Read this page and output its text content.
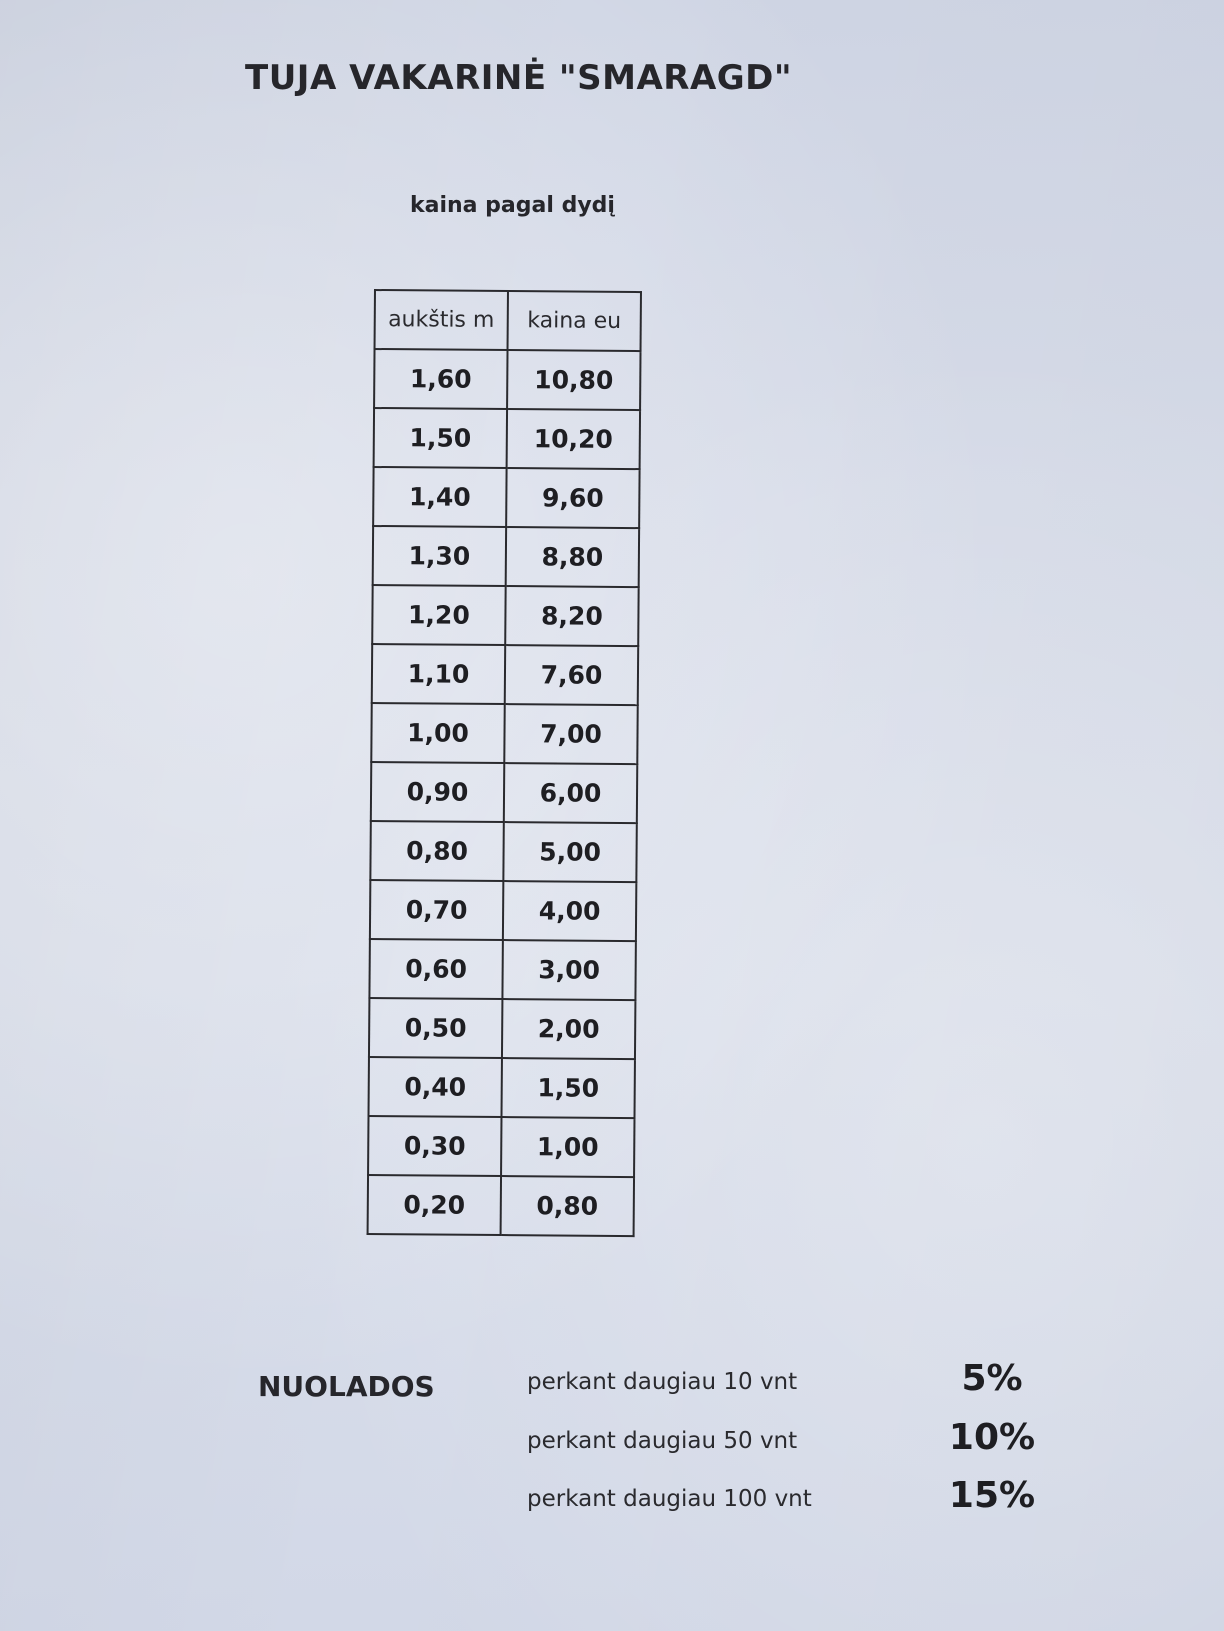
TUJA VAKARINĖ "SMARAGD"
kaina pagal dydį
aukštis m	kaina eu
1,60	10,80
1,50	10,20
1,40	9,60
1,30	8,80
1,20	8,20
1,10	7,60
1,00	7,00
0,90	6,00
0,80	5,00
0,70	4,00
0,60	3,00
0,50	2,00
0,40	1,50
0,30	1,00
0,20	0,80
NUOLADOS	perkant daugiau 10 vnt	5%
perkant daugiau 50 vnt	10%
perkant daugiau 100 vnt	15%
